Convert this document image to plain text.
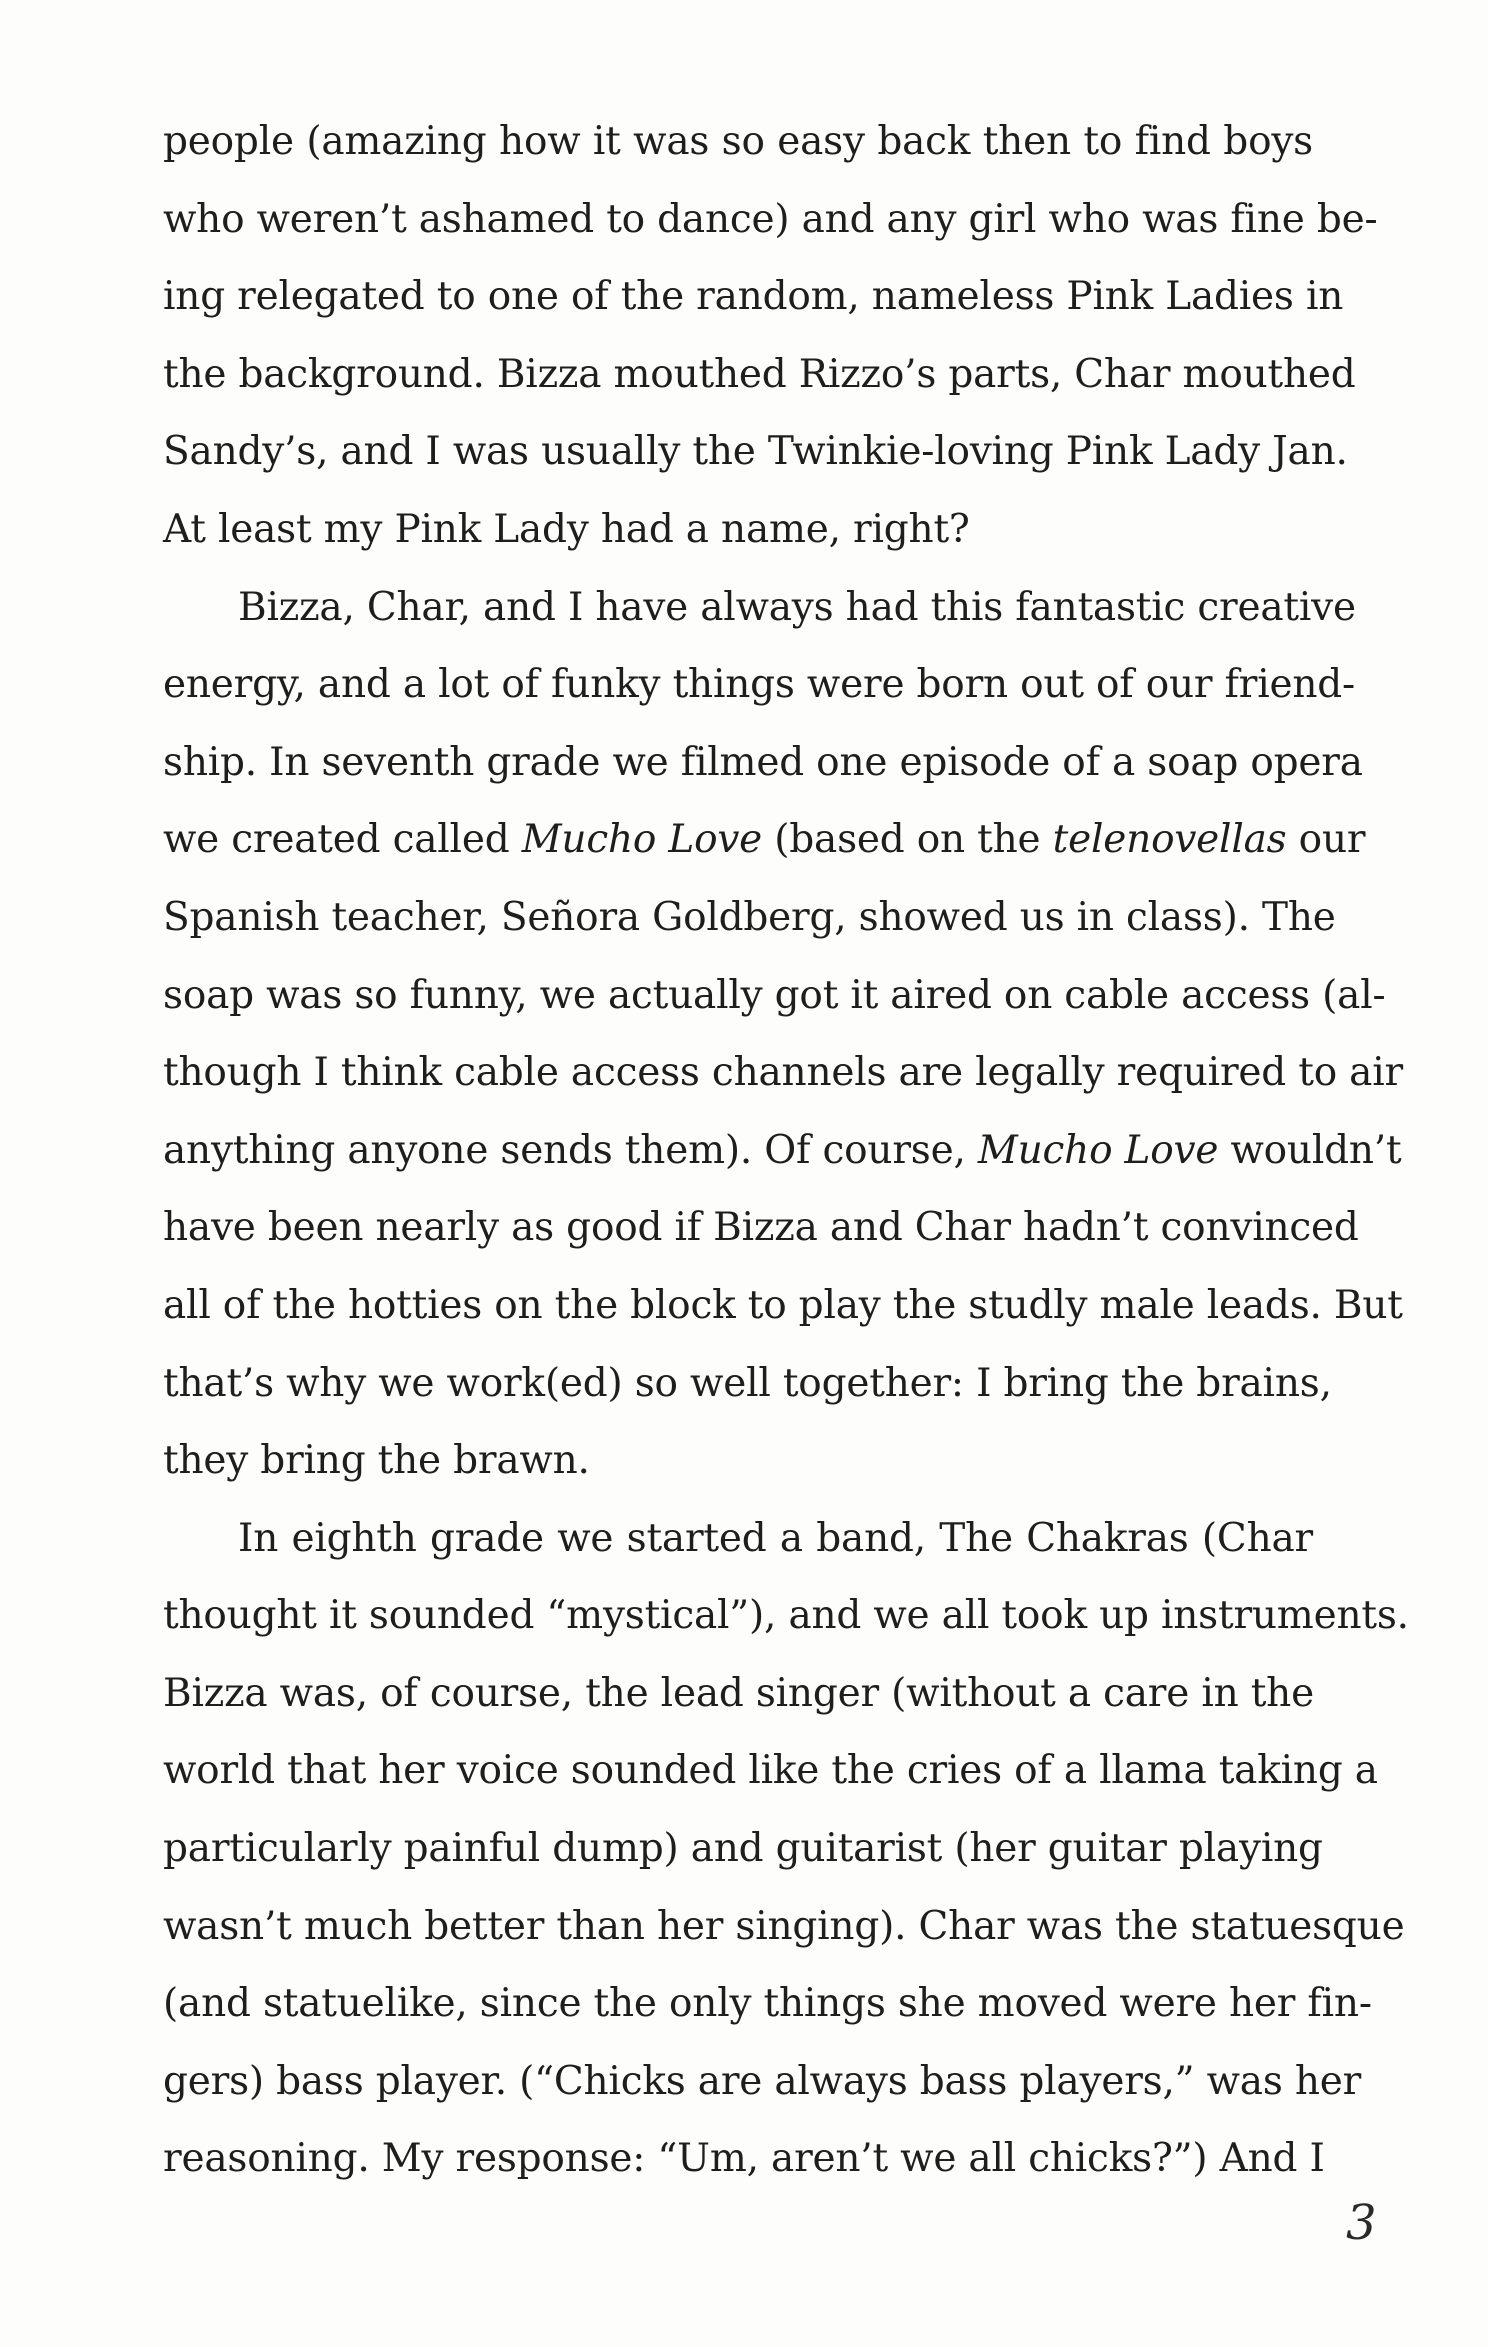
people (amazing how it was so easy back then to find boys
who weren’t ashamed to dance) and any girl who was fine be-
ing relegated to one of the random, nameless Pink Ladies in
the background. Bizza mouthed Rizzo’s parts, Char mouthed
Sandy’s, and I was usually the Twinkie-loving Pink Lady Jan.
At least my Pink Lady had a name, right?
Bizza, Char, and I have always had this fantastic creative
energy, and a lot of funky things were born out of our friend-
ship. In seventh grade we filmed one episode of a soap opera
we created called Mucho Love (based on the telenovellas our
Spanish teacher, Señora Goldberg, showed us in class). The
soap was so funny, we actually got it aired on cable access (al-
though I think cable access channels are legally required to air
anything anyone sends them). Of course, Mucho Love wouldn’t
have been nearly as good if Bizza and Char hadn’t convinced
all of the hotties on the block to play the studly male leads. But
that’s why we work(ed) so well together: I bring the brains,
they bring the brawn.
In eighth grade we started a band, The Chakras (Char
thought it sounded “mystical”), and we all took up instruments.
Bizza was, of course, the lead singer (without a care in the
world that her voice sounded like the cries of a llama taking a
particularly painful dump) and guitarist (her guitar playing
wasn’t much better than her singing). Char was the statuesque
(and statuelike, since the only things she moved were her fin-
gers) bass player. (“Chicks are always bass players,” was her
reasoning. My response: “Um, aren’t we all chicks?”) And I
3
